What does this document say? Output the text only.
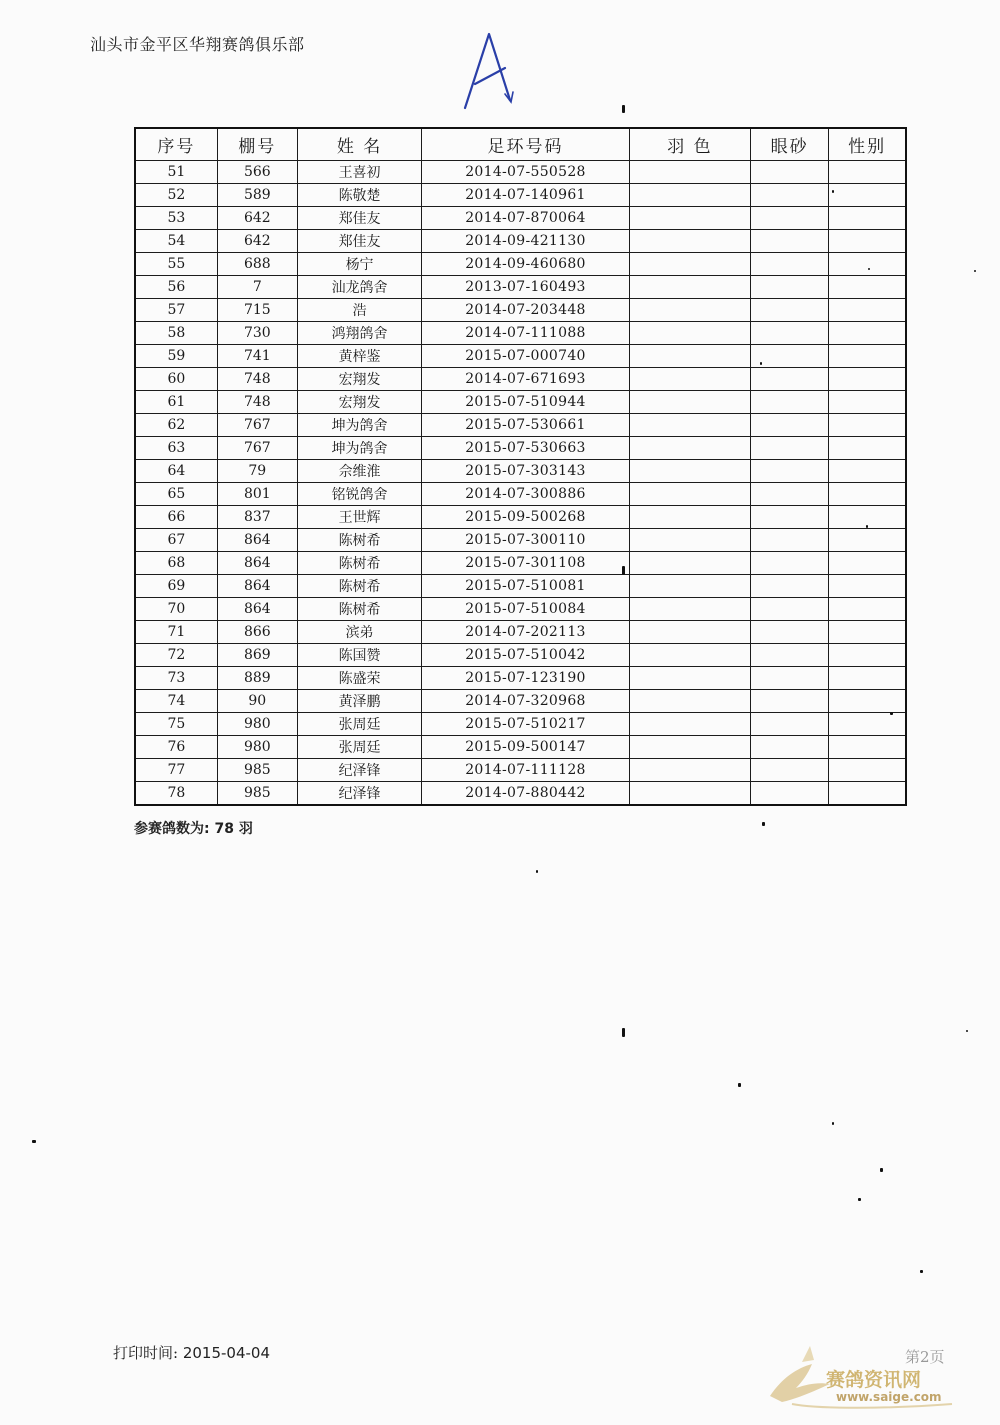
汕头市金平区华翔赛鸽俱乐部
序号	棚号	姓 名	足环号码	羽 色	眼砂	性别
51	566	王喜初	2014-07-550528			
52	589	陈敬楚	2014-07-140961			
53	642	郑佳友	2014-07-870064			
54	642	郑佳友	2014-09-421130			
55	688	杨宁	2014-09-460680			
56	7	汕龙鸽舍	2013-07-160493			
57	715	浩	2014-07-203448			
58	730	鸿翔鸽舍	2014-07-111088			
59	741	黄梓鉴	2015-07-000740			
60	748	宏翔发	2014-07-671693			
61	748	宏翔发	2015-07-510944			
62	767	坤为鸽舍	2015-07-530661			
63	767	坤为鸽舍	2015-07-530663			
64	79	佘维淮	2015-07-303143			
65	801	铭锐鸽舍	2014-07-300886			
66	837	王世辉	2015-09-500268			
67	864	陈树希	2015-07-300110			
68	864	陈树希	2015-07-301108			
69	864	陈树希	2015-07-510081			
70	864	陈树希	2015-07-510084			
71	866	滨弟	2014-07-202113			
72	869	陈国赞	2015-07-510042			
73	889	陈盛荣	2015-07-123190			
74	90	黄泽鹏	2014-07-320968			
75	980	张周廷	2015-07-510217			
76	980	张周廷	2015-09-500147			
77	985	纪泽锋	2014-07-111128			
78	985	纪泽锋	2014-07-880442			
参赛鸽数为: 78 羽
打印时间: 2015-04-04	第2页
赛鸽资讯网
www.saige.com
